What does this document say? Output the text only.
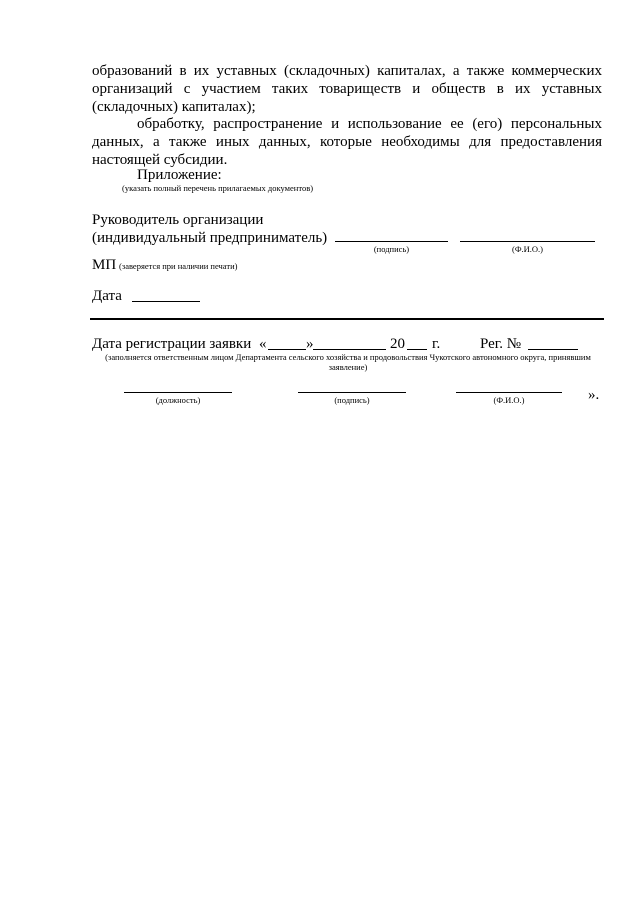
образований в их уставных (складочных) капиталах, а также коммерческих организаций с участием таких товариществ и обществ в их уставных (складочных) капиталах);
обработку, распространение и использование ее (его) персональных данных, а также иных данных, которые необходимы для предоставления настоящей субсидии.
Приложение:
(указать полный перечень прилагаемых документов)
Руководитель организации
(индивидуальный предприниматель)
(подпись)	(Ф.И.О.)
МП (заверяется при наличии печати)
Дата
Дата регистрации заявки «	»	20 г.	Рег. №
(заполняется ответственным лицом Департамента сельского хозяйства и продовольствия Чукотского автономного округа, принявшим заявление)
(должность)	(подпись)	(Ф.И.О.)	».
